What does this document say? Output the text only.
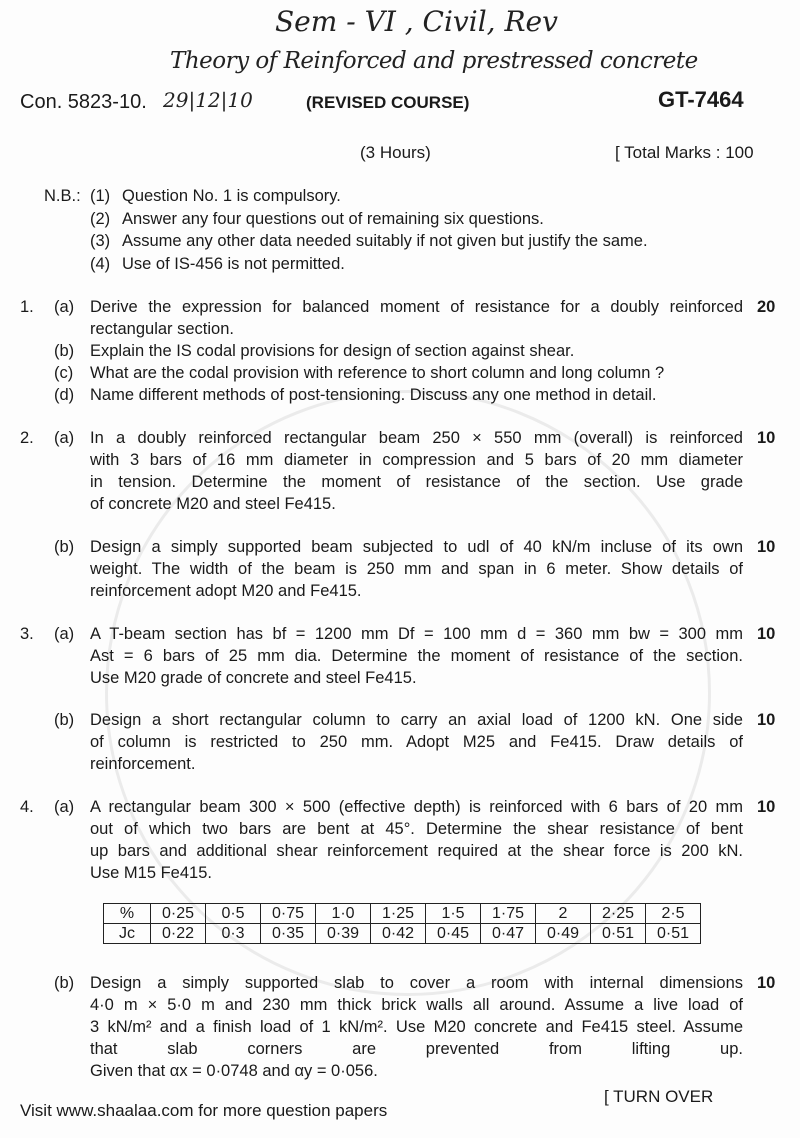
Sem - VI , Civil, Rev
Theory of Reinforced and prestressed concrete
Con. 5823-10. 29|12|10	(REVISED COURSE)	GT-7464
(3 Hours)	[ Total Marks : 100
N.B.: (1) Question No. 1 is compulsory.
(2) Answer any four questions out of remaining six questions.
(3) Assume any other data needed suitably if not given but justify the same.
(4) Use of IS-456 is not permitted.
1. (a)	20
Derive the expression for balanced moment of resistance for a doubly reinforced
rectangular section.
(b) Explain the IS codal provisions for design of section against shear.
(c) What are the codal provision with reference to short column and long column ?
(d) Name different methods of post-tensioning. Discuss any one method in detail.
2. (a)	10
In a doubly reinforced rectangular beam 250 × 550 mm (overall) is reinforced
with 3 bars of 16 mm diameter in compression and 5 bars of 20 mm diameter
in tension. Determine the moment of resistance of the section. Use grade
of concrete M20 and steel Fe415.
(b)	10
Design a simply supported beam subjected to udl of 40 kN/m incluse of its own
weight. The width of the beam is 250 mm and span in 6 meter. Show details of
reinforcement adopt M20 and Fe415.
3. (a)	10
A T-beam section has bf = 1200 mm Df = 100 mm d = 360 mm bw = 300 mm
Ast = 6 bars of 25 mm dia. Determine the moment of resistance of the section.
Use M20 grade of concrete and steel Fe415.
(b)	10
Design a short rectangular column to carry an axial load of 1200 kN. One side
of column is restricted to 250 mm. Adopt M25 and Fe415. Draw details of
reinforcement.
4. (a)	10
A rectangular beam 300 × 500 (effective depth) is reinforced with 6 bars of 20 mm
out of which two bars are bent at 45°. Determine the shear resistance of bent
up bars and additional shear reinforcement required at the shear force is 200 kN.
Use M15 Fe415.
(b)	10
Design a simply supported slab to cover a room with internal dimensions
4·0 m × 5·0 m and 230 mm thick brick walls all around. Assume a live load of
3 kN/m² and a finish load of 1 kN/m². Use M20 concrete and Fe415 steel. Assume
that slab corners are prevented from lifting up.
Given that αx = 0·0748 and αy = 0·056.
%	0·25	0·5	0·75	1·0	1·25	1·5	1·75	2	2·25	2·5
Jc	0·22	0·3	0·35	0·39	0·42	0·45	0·47	0·49	0·51	0·51
[ TURN OVER
Visit www.shaalaa.com for more question papers
